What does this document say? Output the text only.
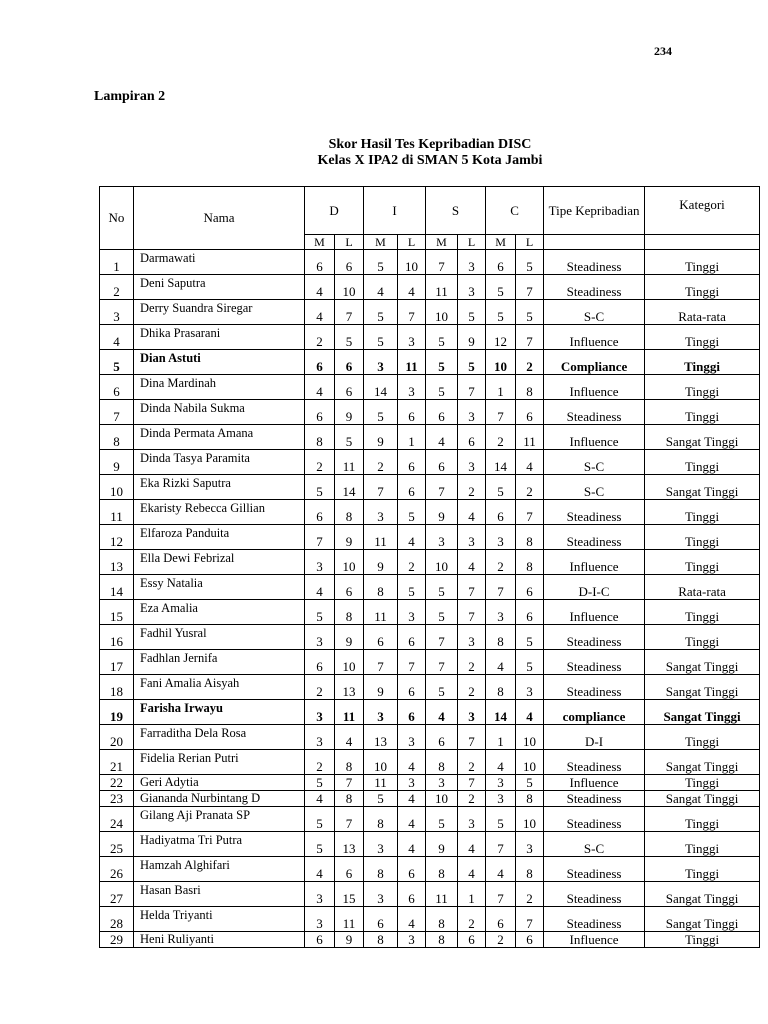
234
Lampiran 2
Skor Hasil Tes Kepribadian DISC
Kelas X IPA2 di SMAN 5 Kota Jambi
No	Nama	D		I		S		C		Tipe Kepribadian	Kategori
		M	L	M	L	M	L	M	L		
1	Darmawati	6	6	5	10	7	3	6	5	Steadiness	Tinggi
2	Deni Saputra	4	10	4	4	11	3	5	7	Steadiness	Tinggi
3	Derry Suandra Siregar	4	7	5	7	10	5	5	5	S-C	Rata-rata
4	Dhika Prasarani	2	5	5	3	5	9	12	7	Influence	Tinggi
5	Dian Astuti	6	6	3	11	5	5	10	2	Compliance	Tinggi
6	Dina Mardinah	4	6	14	3	5	7	1	8	Influence	Tinggi
7	Dinda Nabila Sukma	6	9	5	6	6	3	7	6	Steadiness	Tinggi
8	Dinda Permata Amana	8	5	9	1	4	6	2	11	Influence	Sangat Tinggi
9	Dinda Tasya Paramita	2	11	2	6	6	3	14	4	S-C	Tinggi
10	Eka Rizki Saputra	5	14	7	6	7	2	5	2	S-C	Sangat Tinggi
11	Ekaristy Rebecca Gillian	6	8	3	5	9	4	6	7	Steadiness	Tinggi
12	Elfaroza Panduita	7	9	11	4	3	3	3	8	Steadiness	Tinggi
13	Ella Dewi Febrizal	3	10	9	2	10	4	2	8	Influence	Tinggi
14	Essy Natalia	4	6	8	5	5	7	7	6	D-I-C	Rata-rata
15	Eza Amalia	5	8	11	3	5	7	3	6	Influence	Tinggi
16	Fadhil Yusral	3	9	6	6	7	3	8	5	Steadiness	Tinggi
17	Fadhlan Jernifa	6	10	7	7	7	2	4	5	Steadiness	Sangat Tinggi
18	Fani Amalia Aisyah	2	13	9	6	5	2	8	3	Steadiness	Sangat Tinggi
19	Farisha Irwayu	3	11	3	6	4	3	14	4	compliance	Sangat Tinggi
20	Farraditha Dela Rosa	3	4	13	3	6	7	1	10	D-I	Tinggi
21	Fidelia Rerian Putri	2	8	10	4	8	2	4	10	Steadiness	Sangat Tinggi
22	Geri Adytia	5	7	11	3	3	7	3	5	Influence	Tinggi
23	Giananda Nurbintang D	4	8	5	4	10	2	3	8	Steadiness	Sangat Tinggi
24	Gilang Aji Pranata SP	5	7	8	4	5	3	5	10	Steadiness	Tinggi
25	Hadiyatma Tri Putra	5	13	3	4	9	4	7	3	S-C	Tinggi
26	Hamzah Alghifari	4	6	8	6	8	4	4	8	Steadiness	Tinggi
27	Hasan Basri	3	15	3	6	11	1	7	2	Steadiness	Sangat Tinggi
28	Helda Triyanti	3	11	6	4	8	2	6	7	Steadiness	Sangat Tinggi
29	Heni Ruliyanti	6	9	8	3	8	6	2	6	Influence	Tinggi
